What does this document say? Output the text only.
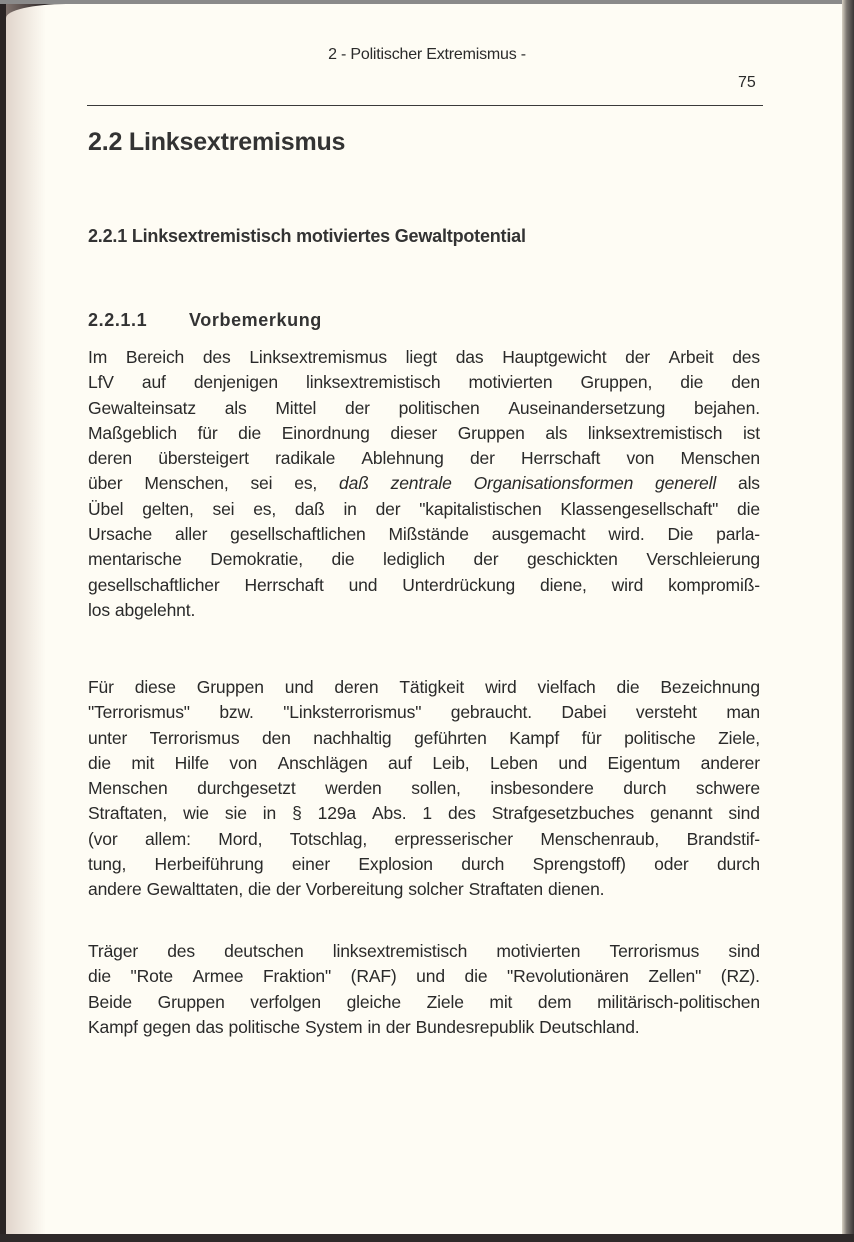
2 - Politischer Extremismus -
75
2.2 Linksextremismus
2.2.1 Linksextremistisch motiviertes Gewaltpotential
2.2.1.1 Vorbemerkung
Im Bereich des Linksextremismus liegt das Hauptgewicht der Arbeit des
LfV auf denjenigen linksextremistisch motivierten Gruppen, die den
Gewalteinsatz als Mittel der politischen Auseinandersetzung bejahen.
Maßgeblich für die Einordnung dieser Gruppen als linksextremistisch ist
deren übersteigert radikale Ablehnung der Herrschaft von Menschen
über Menschen, sei es, daß zentrale Organisationsformen generell als
Übel gelten, sei es, daß in der "kapitalistischen Klassengesellschaft" die
Ursache aller gesellschaftlichen Mißstände ausgemacht wird. Die parla-
mentarische Demokratie, die lediglich der geschickten Verschleierung
gesellschaftlicher Herrschaft und Unterdrückung diene, wird kompromiß-
los abgelehnt.
Für diese Gruppen und deren Tätigkeit wird vielfach die Bezeichnung
"Terrorismus" bzw. "Linksterrorismus" gebraucht. Dabei versteht man
unter Terrorismus den nachhaltig geführten Kampf für politische Ziele,
die mit Hilfe von Anschlägen auf Leib, Leben und Eigentum anderer
Menschen durchgesetzt werden sollen, insbesondere durch schwere
Straftaten, wie sie in § 129a Abs. 1 des Strafgesetzbuches genannt sind
(vor allem: Mord, Totschlag, erpresserischer Menschenraub, Brandstif-
tung, Herbeiführung einer Explosion durch Sprengstoff) oder durch
andere Gewalttaten, die der Vorbereitung solcher Straftaten dienen.
Träger des deutschen linksextremistisch motivierten Terrorismus sind
die "Rote Armee Fraktion" (RAF) und die "Revolutionären Zellen" (RZ).
Beide Gruppen verfolgen gleiche Ziele mit dem militärisch-politischen
Kampf gegen das politische System in der Bundesrepublik Deutschland.
